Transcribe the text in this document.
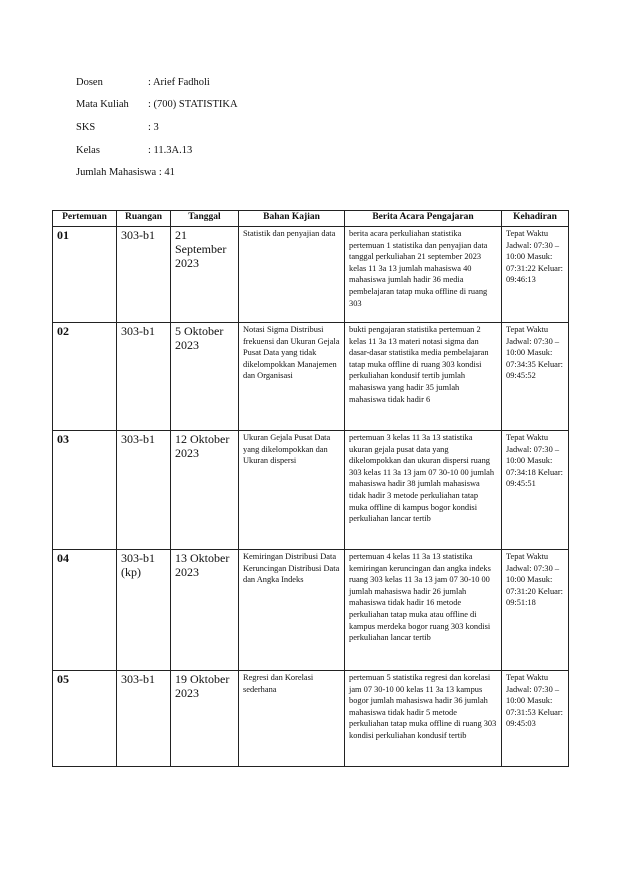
Dosen	: Arief Fadholi
Mata Kuliah : (700) STATISTIKA
SKS	: 3
Kelas	: 11.3A.13
Jumlah Mahasiswa : 41
Pertemuan	Ruangan	Tanggal	Bahan Kajian	Berita Acara Pengajaran	Kehadiran
01	303-b1	21 September 2023	Statistik dan penyajian data	berita acara perkuliahan statistika pertemuan 1 statistika dan penyajian data tanggal perkuliahan 21 september 2023 kelas 11 3a 13 jumlah mahasiswa 40 mahasiswa jumlah hadir 36 media pembelajaran tatap muka offline di ruang 303	Tepat Waktu Jadwal: 07:30 – 10:00 Masuk: 07:31:22 Keluar: 09:46:13
02	303-b1	5 Oktober 2023	Notasi Sigma Distribusi frekuensi dan Ukuran Gejala Pusat Data yang tidak dikelompokkan Manajemen dan Organisasi	bukti pengajaran statistika pertemuan 2 kelas 11 3a 13 materi notasi sigma dan dasar-dasar statistika media pembelajaran tatap muka offline di ruang 303 kondisi perkuliahan kondusif tertib jumlah mahasiswa yang hadir 35 jumlah mahasiswa tidak hadir 6	Tepat Waktu Jadwal: 07:30 – 10:00 Masuk: 07:34:35 Keluar: 09:45:52
03	303-b1	12 Oktober 2023	Ukuran Gejala Pusat Data yang dikelompokkan dan Ukuran dispersi	pertemuan 3 kelas 11 3a 13 statistika ukuran gejala pusat data yang dikelompokkan dan ukuran dispersi ruang 303 kelas 11 3a 13 jam 07 30-10 00 jumlah mahasiswa hadir 38 jumlah mahasiswa tidak hadir 3 metode perkuliahan tatap muka offline di kampus bogor kondisi perkuliahan lancar tertib	Tepat Waktu Jadwal: 07:30 – 10:00 Masuk: 07:34:18 Keluar: 09:45:51
04	303-b1 (kp)	13 Oktober 2023	Kemiringan Distribusi Data Keruncingan Distribusi Data dan Angka Indeks	pertemuan 4 kelas 11 3a 13 statistika kemiringan keruncingan dan angka indeks ruang 303 kelas 11 3a 13 jam 07 30-10 00 jumlah mahasiswa hadir 26 jumlah mahasiswa tidak hadir 16 metode perkuliahan tatap muka atau offline di kampus merdeka bogor ruang 303 kondisi perkuliahan lancar tertib	Tepat Waktu Jadwal: 07:30 – 10:00 Masuk: 07:31:20 Keluar: 09:51:18
05	303-b1	19 Oktober 2023	Regresi dan Korelasi sederhana	pertemuan 5 statistika regresi dan korelasi jam 07 30-10 00 kelas 11 3a 13 kampus bogor jumlah mahasiswa hadir 36 jumlah mahasiswa tidak hadir 5 metode perkuliahan tatap muka offline di ruang 303 kondisi perkuliahan kondusif tertib	Tepat Waktu Jadwal: 07:30 – 10:00 Masuk: 07:31:53 Keluar: 09:45:03
